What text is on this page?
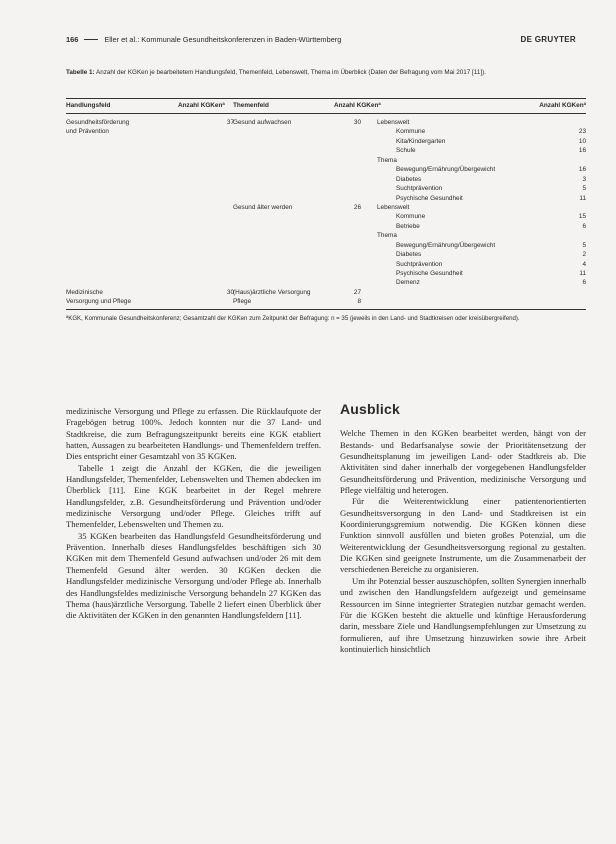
166	Eller et al.: Kommunale Gesundheitskonferenzen in Baden-Württemberg	DE GRUYTER
Tabelle 1: Anzahl der KGKen je bearbeitetem Handlungsfeld, Themenfeld, Lebenswelt, Thema im Überblick (Daten der Befragung vom Mai 2017 [11]).
Handlungsfeld	Anzahl KGKenª Themenfeld	Anzahl KGKenª	Anzahl KGKenª
Gesundheitsförderung	37 Gesund aufwachsen	30	Lebenswelt
und Prävention	Kommune	23
Kita/Kindergarten	10
Schule	16
Thema
Bewegung/Ernährung/Übergewicht	16
Diabetes	3
Suchtprävention	5
Psychische Gesundheit	11
Gesund älter werden	26	Lebenswelt
Kommune	15
Betriebe	6
Thema
Bewegung/Ernährung/Übergewicht	5
Diabetes	2
Suchtprävention	4
Psychische Gesundheit	11
Demenz	6
Medizinische	30 (Haus)ärztliche Versorgung	27
Versorgung und Pflege	Pflege	8
ªKGK, Kommunale Gesundheitskonferenz; Gesamtzahl der KGKen zum Zeitpunkt der Befragung: n = 35 (jeweils in den Land- und Stadtkreisen oder kreisübergreifend).

medizinische Versorgung und Pflege zu erfassen. Die Rücklaufquote der Fragebögen betrug 100%. Jedoch konnten nur die 37 Land- und Stadtkreise, die zum Befragungszeitpunkt bereits eine KGK etabliert hatten, Aussagen zu bearbeiteten Handlungs- und Themenfeldern treffen. Dies entspricht einer Gesamtzahl von 35 KGKen.

Tabelle 1 zeigt die Anzahl der KGKen, die die jeweiligen Handlungsfelder, Themenfelder, Lebenswelten und Themen abdecken im Überblick [11]. Eine KGK bearbeitet in der Regel mehrere Handlungsfelder, z.B. Gesundheitsförderung und Prävention und/oder medizinische Versorgung und/oder Pflege. Gleiches trifft auf Themenfelder, Lebenswelten und Themen zu.

35 KGKen bearbeiten das Handlungsfeld Gesundheitsförderung und Prävention. Innerhalb dieses Handlungsfeldes beschäftigen sich 30 KGKen mit dem Themenfeld Gesund aufwachsen und/oder 26 mit dem Themenfeld Gesund älter werden. 30 KGKen decken die Handlungsfelder medizinische Versorgung und/oder Pflege ab. Innerhalb des Handlungsfeldes medizinische Versorgung behandeln 27 KGKen das Thema (haus)ärztliche Versorgung. Tabelle 2 liefert einen Überblick über die Aktivitäten der KGKen in den genannten Handlungsfeldern [11].

Ausblick

Welche Themen in den KGKen bearbeitet werden, hängt von der Bestands- und Bedarfsanalyse sowie der Prioritätensetzung der Gesundheitsplanung im jeweiligen Land- oder Stadtkreis ab. Die Aktivitäten sind daher innerhalb der vorgegebenen Handlungsfelder Gesundheitsförderung und Prävention, medizinische Versorgung und Pflege vielfältig und heterogen.

Für die Weiterentwicklung einer patientenorientierten Gesundheitsversorgung in den Land- und Stadtkreisen ist ein Koordinierungsgremium notwendig. Die KGKen können diese Funktion sinnvoll ausfüllen und bieten großes Potenzial, um die Weiterentwicklung der Gesundheitsversorgung regional zu gestalten. Die KGKen sind geeignete Instrumente, um die Zusammenarbeit der verschiedenen Bereiche zu organisieren.

Um ihr Potenzial besser auszuschöpfen, sollten Synergien innerhalb und zwischen den Handlungsfeldern aufgezeigt und gemeinsame Ressourcen im Sinne integrierter Strategien nutzbar gemacht werden. Für die KGKen besteht die aktuelle und künftige Herausforderung darin, messbare Ziele und Handlungsempfehlungen zur Umsetzung zu formulieren, auf ihre Umsetzung hinzuwirken sowie ihre Arbeit kontinuierlich hinsichtlich
